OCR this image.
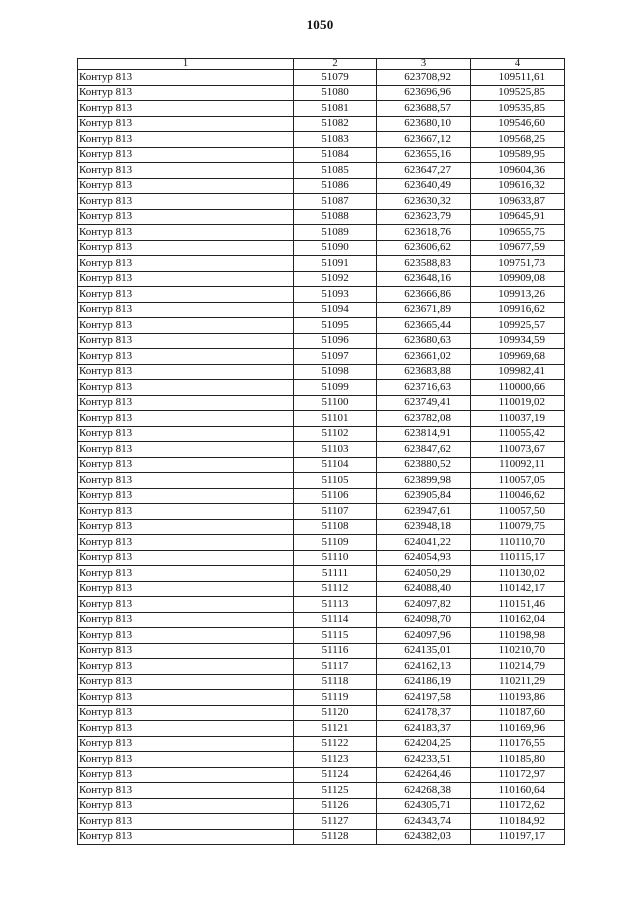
1050
1	2	3	4
Контур 813	51079	623708,92	109511,61
Контур 813	51080	623696,96	109525,85
Контур 813	51081	623688,57	109535,85
Контур 813	51082	623680,10	109546,60
Контур 813	51083	623667,12	109568,25
Контур 813	51084	623655,16	109589,95
Контур 813	51085	623647,27	109604,36
Контур 813	51086	623640,49	109616,32
Контур 813	51087	623630,32	109633,87
Контур 813	51088	623623,79	109645,91
Контур 813	51089	623618,76	109655,75
Контур 813	51090	623606,62	109677,59
Контур 813	51091	623588,83	109751,73
Контур 813	51092	623648,16	109909,08
Контур 813	51093	623666,86	109913,26
Контур 813	51094	623671,89	109916,62
Контур 813	51095	623665,44	109925,57
Контур 813	51096	623680,63	109934,59
Контур 813	51097	623661,02	109969,68
Контур 813	51098	623683,88	109982,41
Контур 813	51099	623716,63	110000,66
Контур 813	51100	623749,41	110019,02
Контур 813	51101	623782,08	110037,19
Контур 813	51102	623814,91	110055,42
Контур 813	51103	623847,62	110073,67
Контур 813	51104	623880,52	110092,11
Контур 813	51105	623899,98	110057,05
Контур 813	51106	623905,84	110046,62
Контур 813	51107	623947,61	110057,50
Контур 813	51108	623948,18	110079,75
Контур 813	51109	624041,22	110110,70
Контур 813	51110	624054,93	110115,17
Контур 813	51111	624050,29	110130,02
Контур 813	51112	624088,40	110142,17
Контур 813	51113	624097,82	110151,46
Контур 813	51114	624098,70	110162,04
Контур 813	51115	624097,96	110198,98
Контур 813	51116	624135,01	110210,70
Контур 813	51117	624162,13	110214,79
Контур 813	51118	624186,19	110211,29
Контур 813	51119	624197,58	110193,86
Контур 813	51120	624178,37	110187,60
Контур 813	51121	624183,37	110169,96
Контур 813	51122	624204,25	110176,55
Контур 813	51123	624233,51	110185,80
Контур 813	51124	624264,46	110172,97
Контур 813	51125	624268,38	110160,64
Контур 813	51126	624305,71	110172,62
Контур 813	51127	624343,74	110184,92
Контур 813	51128	624382,03	110197,17
